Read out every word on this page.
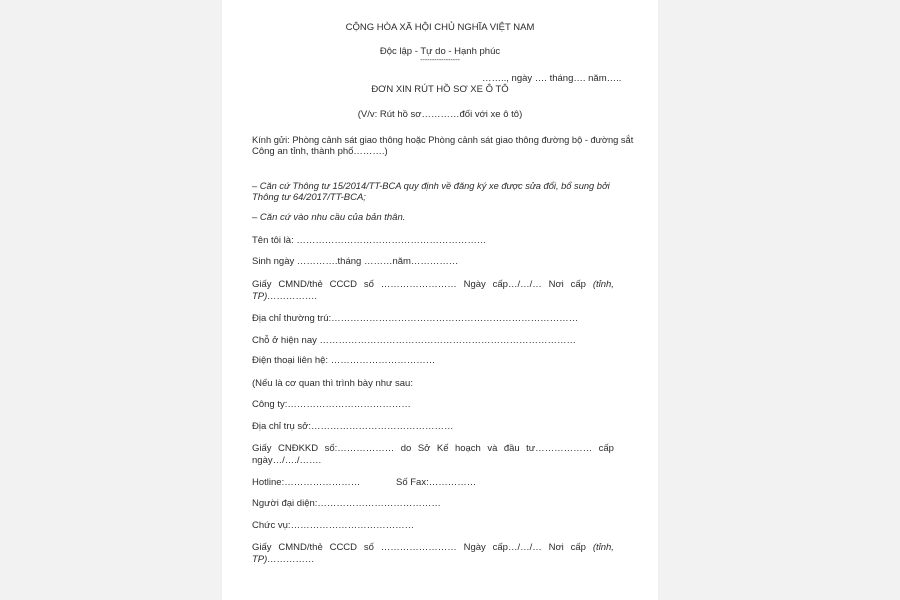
CỘNG HÒA XÃ HỘI CHỦ NGHĨA VIỆT NAM
Độc lập - Tự do - Hạnh phúc
-----------------
…….., ngày …. tháng…. năm…..
ĐƠN XIN RÚT HỒ SƠ XE Ô TÔ
(V/v: Rút hồ sơ…………đối với xe ô tô)
Kính gửi: Phòng cảnh sát giao thông hoặc Phòng cảnh sát giao thông đường bộ - đường sắt
Công an tỉnh, thành phố……….)
– Căn cứ Thông tư 15/2014/TT-BCA quy định về đăng ký xe được sửa đổi, bổ sung bởi
Thông tư 64/2017/TT-BCA;
– Căn cứ vào nhu cầu của bản thân.
Tên tôi là: ……………………………………………………
Sinh ngày ………….tháng ………năm……………
Giấy CMND/thẻ CCCD số …………………… Ngày cấp…/…/… Nơi cấp (tỉnh,
TP)…………….
Địa chỉ thường trú:……………………………………………………………………
Chỗ ở hiện nay ………………………………………………………………………
Điện thoại liên hệ: ……………………………
(Nếu là cơ quan thì trình bày như sau:
Công ty:…………………………………
Địa chỉ trụ sở:………………………………………
Giấy CNĐKKD số:……………… do Sở Kế hoạch và đầu tư……………… cấp
ngày…/…./…….
Hotline:……………………	Số Fax:……………
Người đại diện:…………………………………
Chức vụ:…………………………………
Giấy CMND/thẻ CCCD số …………………… Ngày cấp…/…/… Nơi cấp (tỉnh,
TP)……………
